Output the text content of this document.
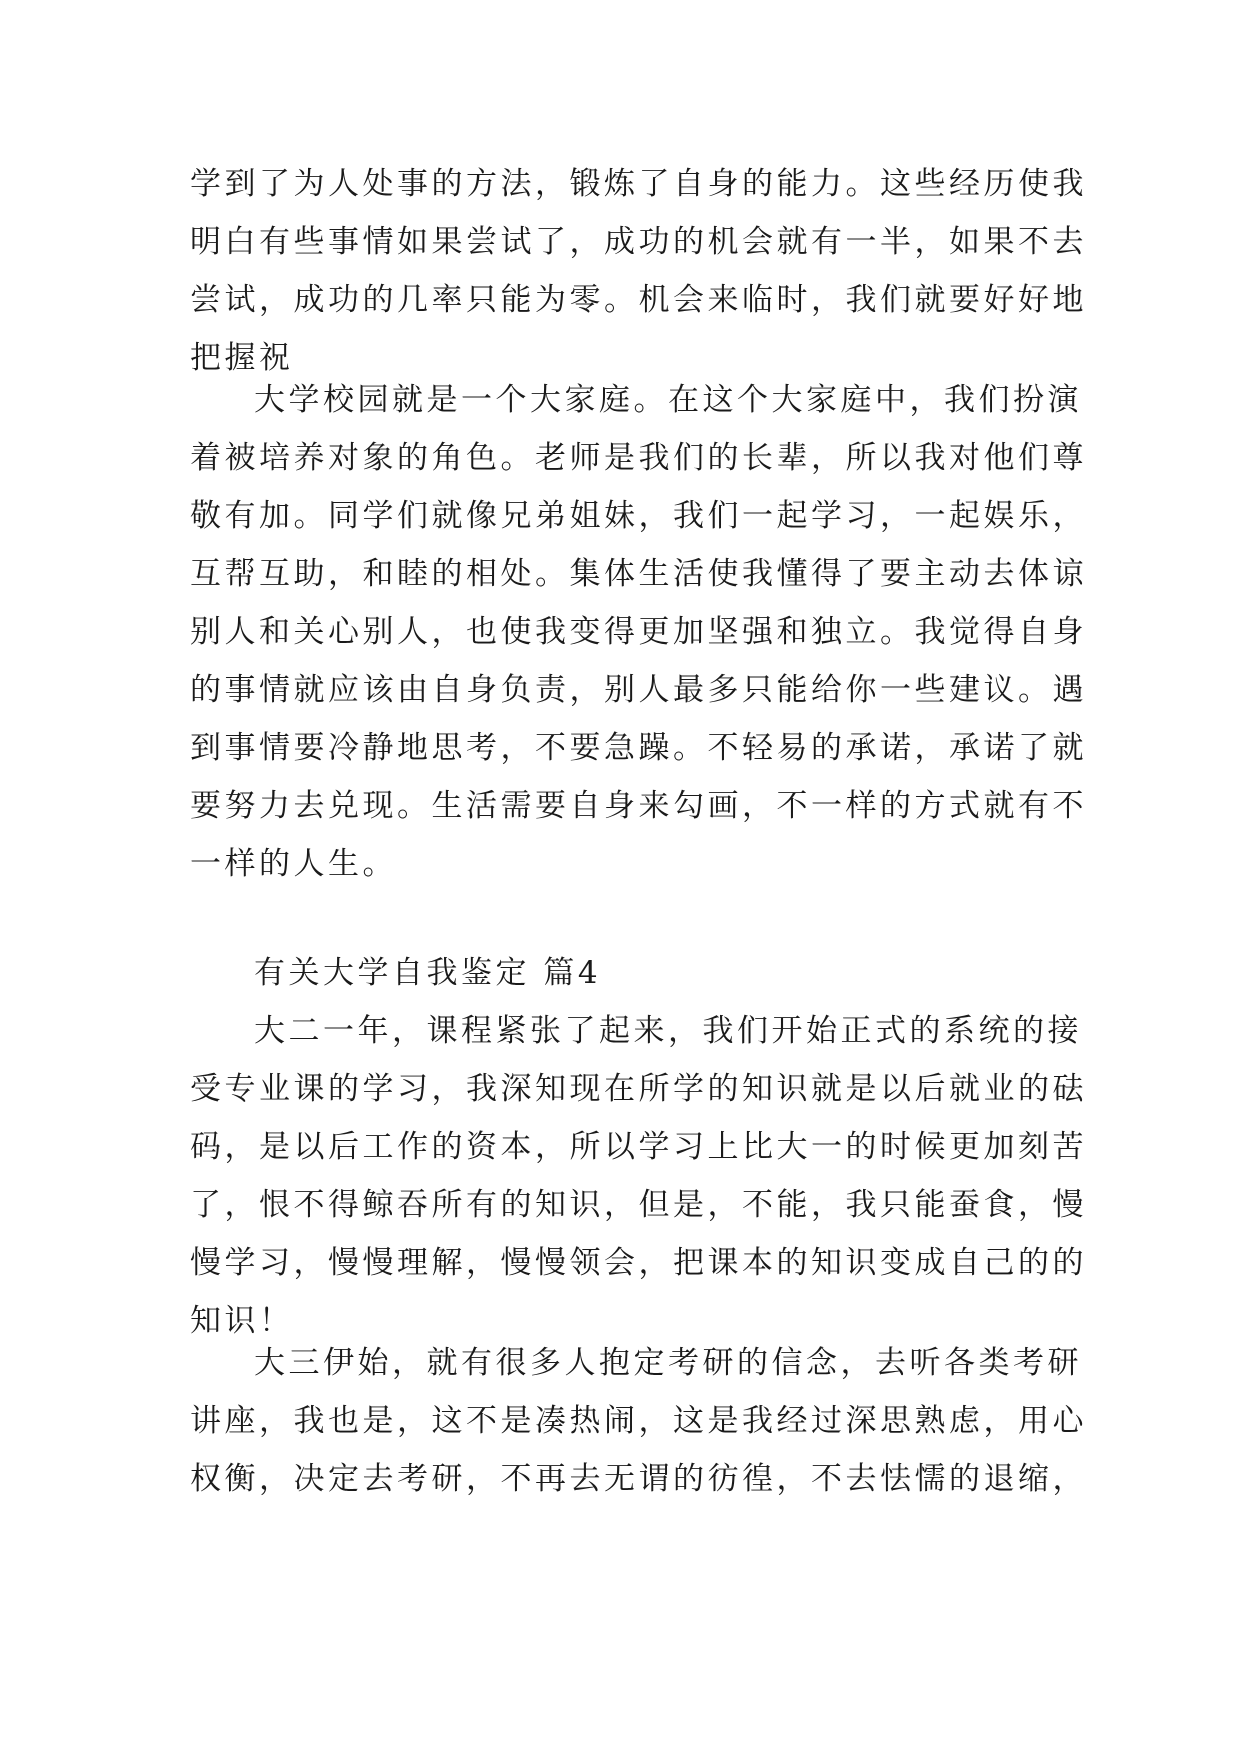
学到了为人处事的方法，锻炼了自身的能力。这些经历使我
明白有些事情如果尝试了，成功的机会就有一半，如果不去
尝试，成功的几率只能为零。机会来临时，我们就要好好地
把握祝
大学校园就是一个大家庭。在这个大家庭中，我们扮演
着被培养对象的角色。老师是我们的长辈，所以我对他们尊
敬有加。同学们就像兄弟姐妹，我们一起学习，一起娱乐，
互帮互助，和睦的相处。集体生活使我懂得了要主动去体谅
别人和关心别人，也使我变得更加坚强和独立。我觉得自身
的事情就应该由自身负责，别人最多只能给你一些建议。遇
到事情要冷静地思考，不要急躁。不轻易的承诺，承诺了就
要努力去兑现。生活需要自身来勾画，不一样的方式就有不
一样的人生。
有关大学自我鉴定 篇4
大二一年，课程紧张了起来，我们开始正式的系统的接
受专业课的学习，我深知现在所学的知识就是以后就业的砝
码，是以后工作的资本，所以学习上比大一的时候更加刻苦
了，恨不得鲸吞所有的知识，但是，不能，我只能蚕食，慢
慢学习，慢慢理解，慢慢领会，把课本的知识变成自己的的
知识！
大三伊始，就有很多人抱定考研的信念，去听各类考研
讲座，我也是，这不是凑热闹，这是我经过深思熟虑，用心
权衡，决定去考研，不再去无谓的彷徨，不去怯懦的退缩，
